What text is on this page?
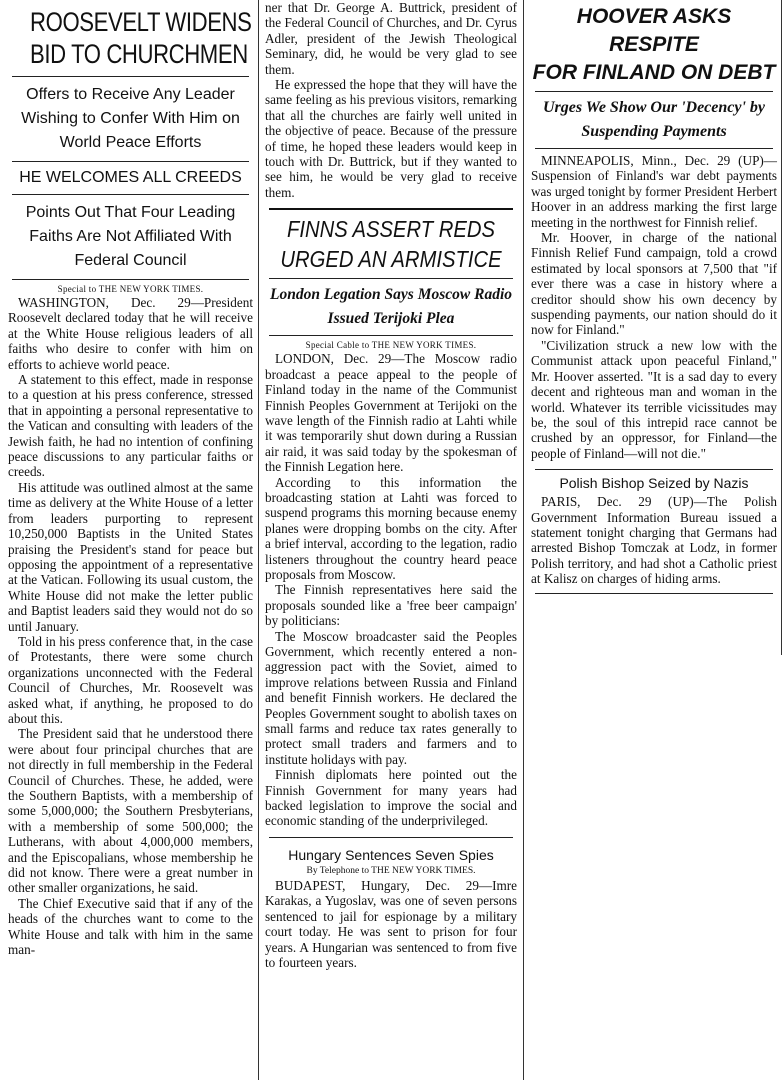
ROOSEVELT WIDENS
BID TO CHURCHMEN
Offers to Receive Any Leader Wishing to Confer With Him on World Peace Efforts
HE WELCOMES ALL CREEDS
Points Out That Four Leading Faiths Are Not Affiliated With Federal Council
Special to THE NEW YORK TIMES.

WASHINGTON, Dec. 29—President Roosevelt declared today that he will receive at the White House religious leaders of all faiths who desire to confer with him on efforts to achieve world peace.

A statement to this effect, made in response to a question at his press conference, stressed that in appointing a personal representative to the Vatican and consulting with leaders of the Jewish faith, he had no intention of confining peace discussions to any particular faiths or creeds.

His attitude was outlined almost at the same time as delivery at the White House of a letter from leaders purporting to represent 10,250,000 Baptists in the United States praising the President's stand for peace but opposing the appointment of a representative at the Vatican. Following its usual custom, the White House did not make the letter public and Baptist leaders said they would not do so until January.

Told in his press conference that, in the case of Protestants, there were some church organizations unconnected with the Federal Council of Churches, Mr. Roosevelt was asked what, if anything, he proposed to do about this.

The President said that he understood there were about four principal churches that are not directly in full membership in the Federal Council of Churches. These, he added, were the Southern Baptists, with a membership of some 5,000,000; the Southern Presbyterians, with a membership of some 500,000; the Lutherans, with about 4,000,000 members, and the Episcopalians, whose membership he did not know. There were a great number in other smaller organizations, he said.

The Chief Executive said that if any of the heads of the churches want to come to the White House and talk with him in the same man-

ner that Dr. George A. Buttrick, president of the Federal Council of Churches, and Dr. Cyrus Adler, president of the Jewish Theological Seminary, did, he would be very glad to see them.

He expressed the hope that they will have the same feeling as his previous visitors, remarking that all the churches are fairly well united in the objective of peace. Because of the pressure of time, he hoped these leaders would keep in touch with Dr. Buttrick, but if they wanted to see him, he would be very glad to receive them.

FINNS ASSERT REDS
URGED AN ARMISTICE
London Legation Says Moscow Radio Issued Terijoki Plea
Special Cable to THE NEW YORK TIMES.

LONDON, Dec. 29—The Moscow radio broadcast a peace appeal to the people of Finland today in the name of the Communist Finnish Peoples Government at Terijoki on the wave length of the Finnish radio at Lahti while it was temporarily shut down during a Russian air raid, it was said today by the spokesman of the Finnish Legation here.

According to this information the broadcasting station at Lahti was forced to suspend programs this morning because enemy planes were dropping bombs on the city. After a brief interval, according to the legation, radio listeners throughout the country heard peace proposals from Moscow.

The Finnish representatives here said the proposals sounded like a 'free beer campaign' by politicians:

The Moscow broadcaster said the Peoples Government, which recently entered a non-aggression pact with the Soviet, aimed to improve relations between Russia and Finland and benefit Finnish workers. He declared the Peoples Government sought to abolish taxes on small farms and reduce tax rates generally to protect small traders and farmers and to institute holidays with pay.

Finnish diplomats here pointed out the Finnish Government for many years had backed legislation to improve the social and economic standing of the underprivileged.

Hungary Sentences Seven Spies
By Telephone to THE NEW YORK TIMES.

BUDAPEST, Hungary, Dec. 29—Imre Karakas, a Yugoslav, was one of seven persons sentenced to jail for espionage by a military court today. He was sent to prison for four years. A Hungarian was sentenced to from five to fourteen years.

HOOVER ASKS RESPITE
FOR FINLAND ON DEBT
Urges We Show Our 'Decency' by Suspending Payments

MINNEAPOLIS, Minn., Dec. 29 (UP)—Suspension of Finland's war debt payments was urged tonight by former President Herbert Hoover in an address marking the first large meeting in the northwest for Finnish relief.

Mr. Hoover, in charge of the national Finnish Relief Fund campaign, told a crowd estimated by local sponsors at 7,500 that "if ever there was a case in history where a creditor should show his own decency by suspending payments, our nation should do it now for Finland."

"Civilization struck a new low with the Communist attack upon peaceful Finland," Mr. Hoover asserted. "It is a sad day to every decent and righteous man and woman in the world. Whatever its terrible vicissitudes may be, the soul of this intrepid race cannot be crushed by an oppressor, for Finland—the people of Finland—will not die."

Polish Bishop Seized by Nazis

PARIS, Dec. 29 (UP)—The Polish Government Information Bureau issued a statement tonight charging that Germans had arrested Bishop Tomczak at Lodz, in former Polish territory, and had shot a Catholic priest at Kalisz on charges of hiding arms.
